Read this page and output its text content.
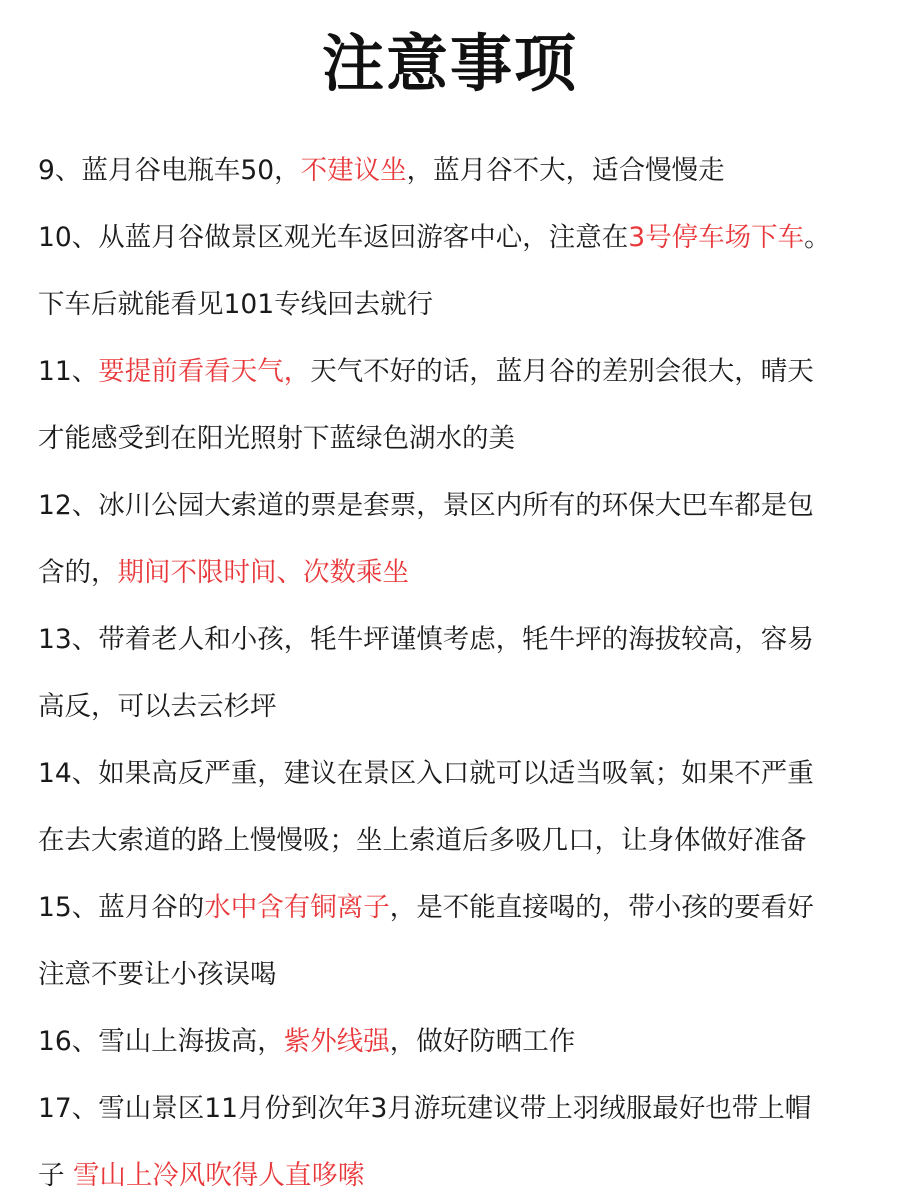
注意事项
9、蓝月谷电瓶车50，不建议坐，蓝月谷不大，适合慢慢走
10、从蓝月谷做景区观光车返回游客中心，注意在3号停车场下车。
下车后就能看见101专线回去就行
11、要提前看看天气，天气不好的话，蓝月谷的差别会很大，晴天
才能感受到在阳光照射下蓝绿色湖水的美
12、冰川公园大索道的票是套票，景区内所有的环保大巴车都是包
含的，期间不限时间、次数乘坐
13、带着老人和小孩，牦牛坪谨慎考虑，牦牛坪的海拔较高，容易
高反，可以去云杉坪
14、如果高反严重，建议在景区入口就可以适当吸氧；如果不严重
在去大索道的路上慢慢吸；坐上索道后多吸几口，让身体做好准备
15、蓝月谷的水中含有铜离子，是不能直接喝的，带小孩的要看好
注意不要让小孩误喝
16、雪山上海拔高，紫外线强，做好防晒工作
17、雪山景区11月份到次年3月游玩建议带上羽绒服最好也带上帽
子 雪山上冷风吹得人直哆嗦
